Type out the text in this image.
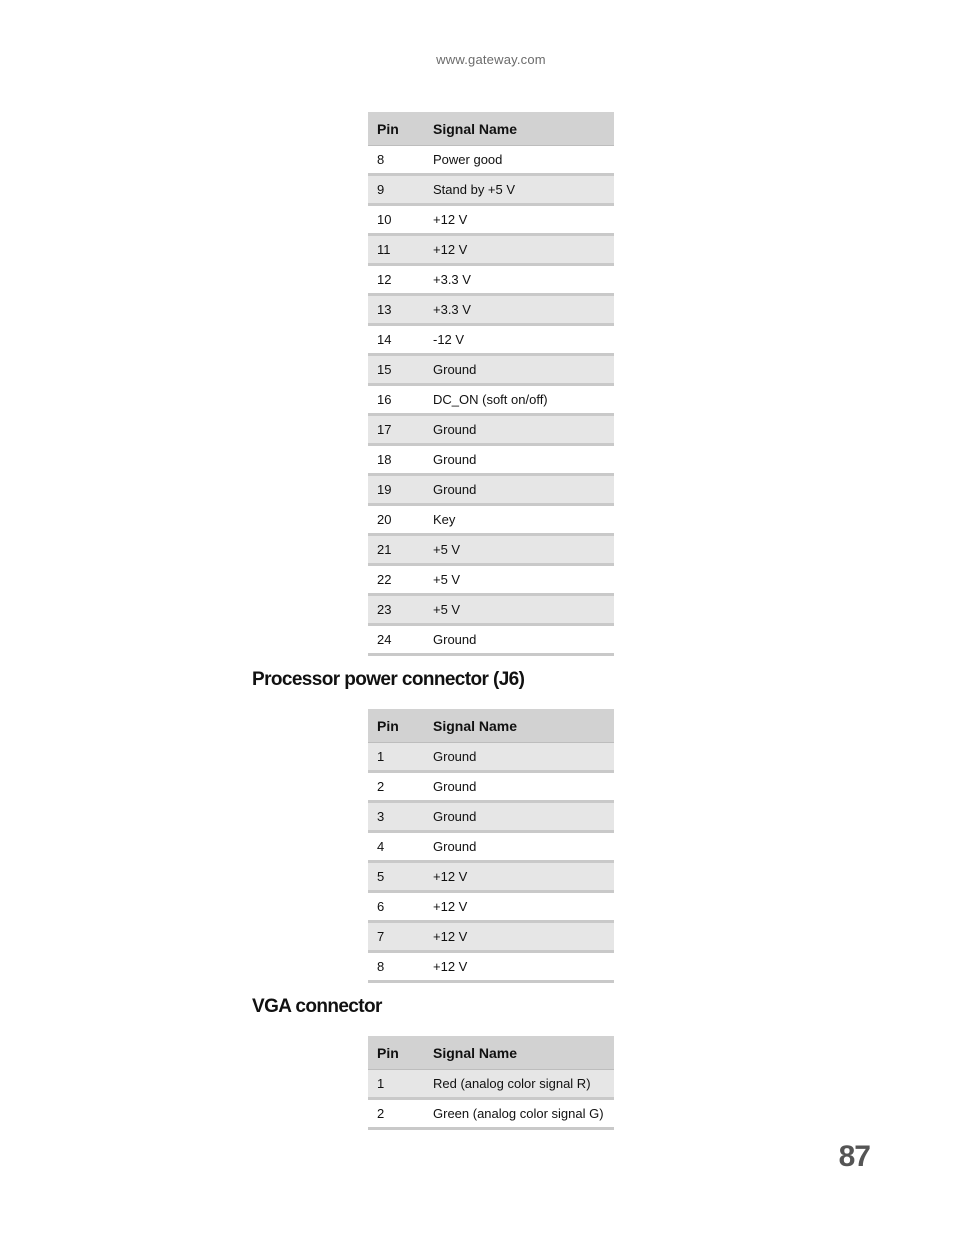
www.gateway.com
Pin	Signal Name
8	Power good
9	Stand by +5 V
10	+12 V
11	+12 V
12	+3.3 V
13	+3.3 V
14	-12 V
15	Ground
16	DC_ON (soft on/off)
17	Ground
18	Ground
19	Ground
20	Key
21	+5 V
22	+5 V
23	+5 V
24	Ground
Processor power connector (J6)
Pin	Signal Name
1	Ground
2	Ground
3	Ground
4	Ground
5	+12 V
6	+12 V
7	+12 V
8	+12 V
VGA connector
Pin	Signal Name
1	Red (analog color signal R)
2	Green (analog color signal G)
87
